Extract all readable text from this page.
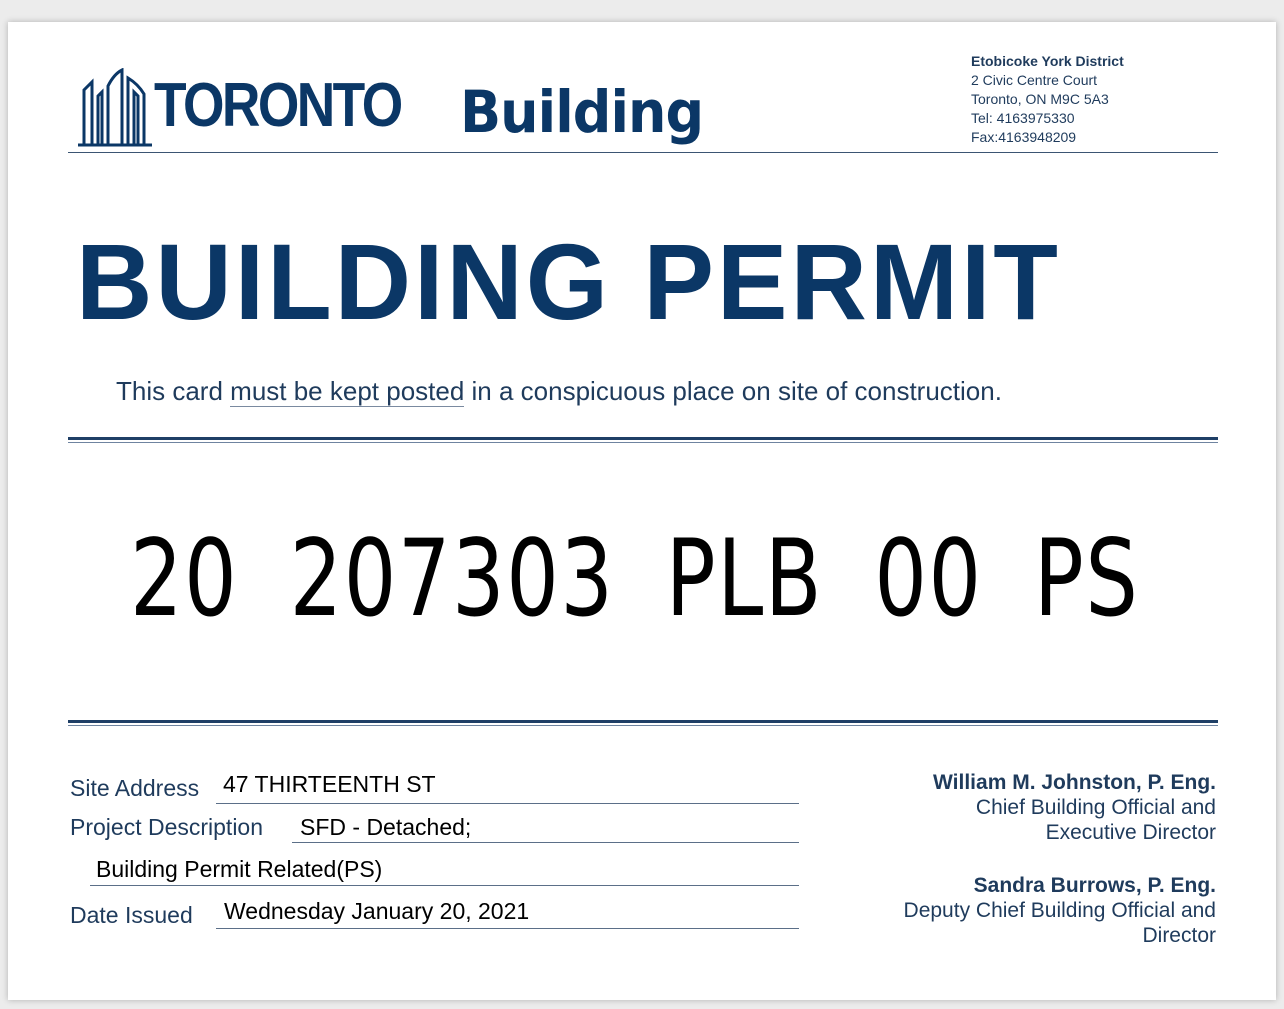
TORONTO Building
Etobicoke York District
2 Civic Centre Court
Toronto, ON M9C 5A3
Tel: 4163975330
Fax:4163948209
BUILDING PERMIT
This card must be kept posted in a conspicuous place on site of construction.
20 207303 PLB 00 PS
Site Address 47 THIRTEENTH ST
Project Description SFD - Detached;
Building Permit Related(PS)
Date Issued Wednesday January 20, 2021
William M. Johnston, P. Eng.
Chief Building Official and
Executive Director
Sandra Burrows, P. Eng.
Deputy Chief Building Official and
Director
